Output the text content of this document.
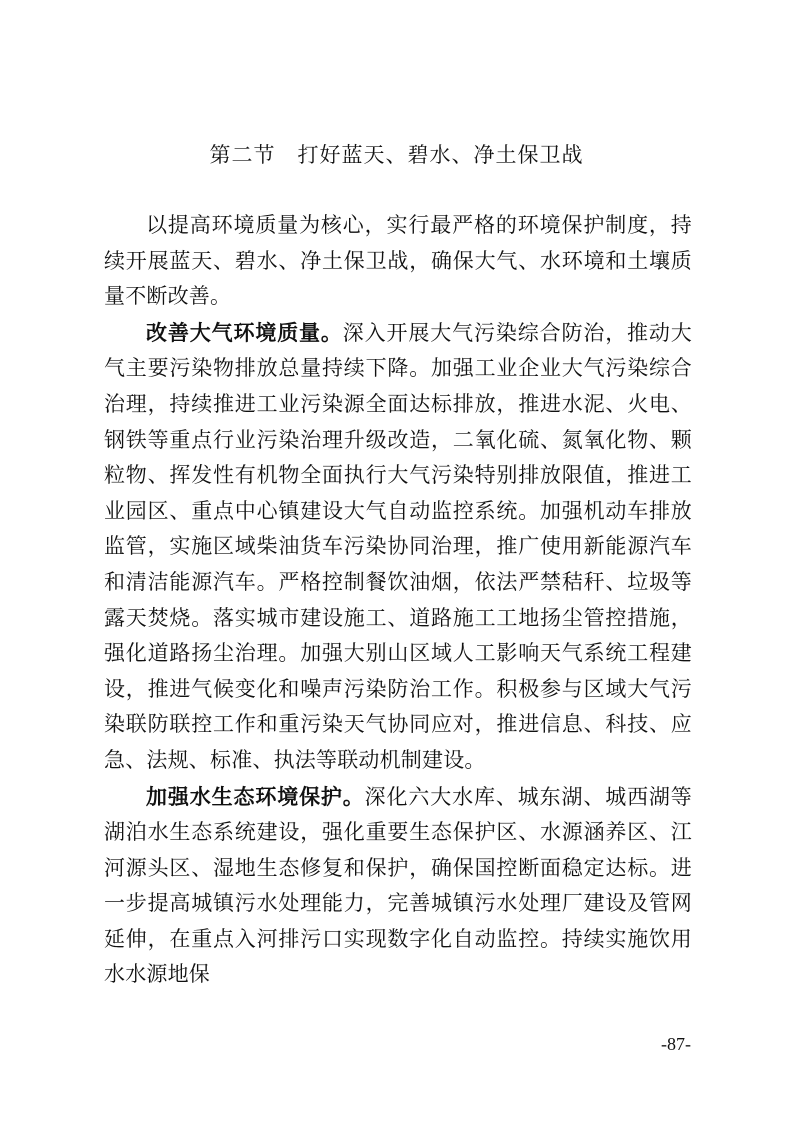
第二节　打好蓝天、碧水、净土保卫战

以提高环境质量为核心，实行最严格的环境保护制度，持续开展蓝天、碧水、净土保卫战，确保大气、水环境和土壤质量不断改善。

改善大气环境质量。深入开展大气污染综合防治，推动大气主要污染物排放总量持续下降。加强工业企业大气污染综合治理，持续推进工业污染源全面达标排放，推进水泥、火电、钢铁等重点行业污染治理升级改造，二氧化硫、氮氧化物、颗粒物、挥发性有机物全面执行大气污染特别排放限值，推进工业园区、重点中心镇建设大气自动监控系统。加强机动车排放监管，实施区域柴油货车污染协同治理，推广使用新能源汽车和清洁能源汽车。严格控制餐饮油烟，依法严禁秸秆、垃圾等露天焚烧。落实城市建设施工、道路施工工地扬尘管控措施，强化道路扬尘治理。加强大别山区域人工影响天气系统工程建设，推进气候变化和噪声污染防治工作。积极参与区域大气污染联防联控工作和重污染天气协同应对，推进信息、科技、应急、法规、标准、执法等联动机制建设。

加强水生态环境保护。深化六大水库、城东湖、城西湖等湖泊水生态系统建设，强化重要生态保护区、水源涵养区、江河源头区、湿地生态修复和保护，确保国控断面稳定达标。进一步提高城镇污水处理能力，完善城镇污水处理厂建设及管网延伸，在重点入河排污口实现数字化自动监控。持续实施饮用水水源地保

-87-
